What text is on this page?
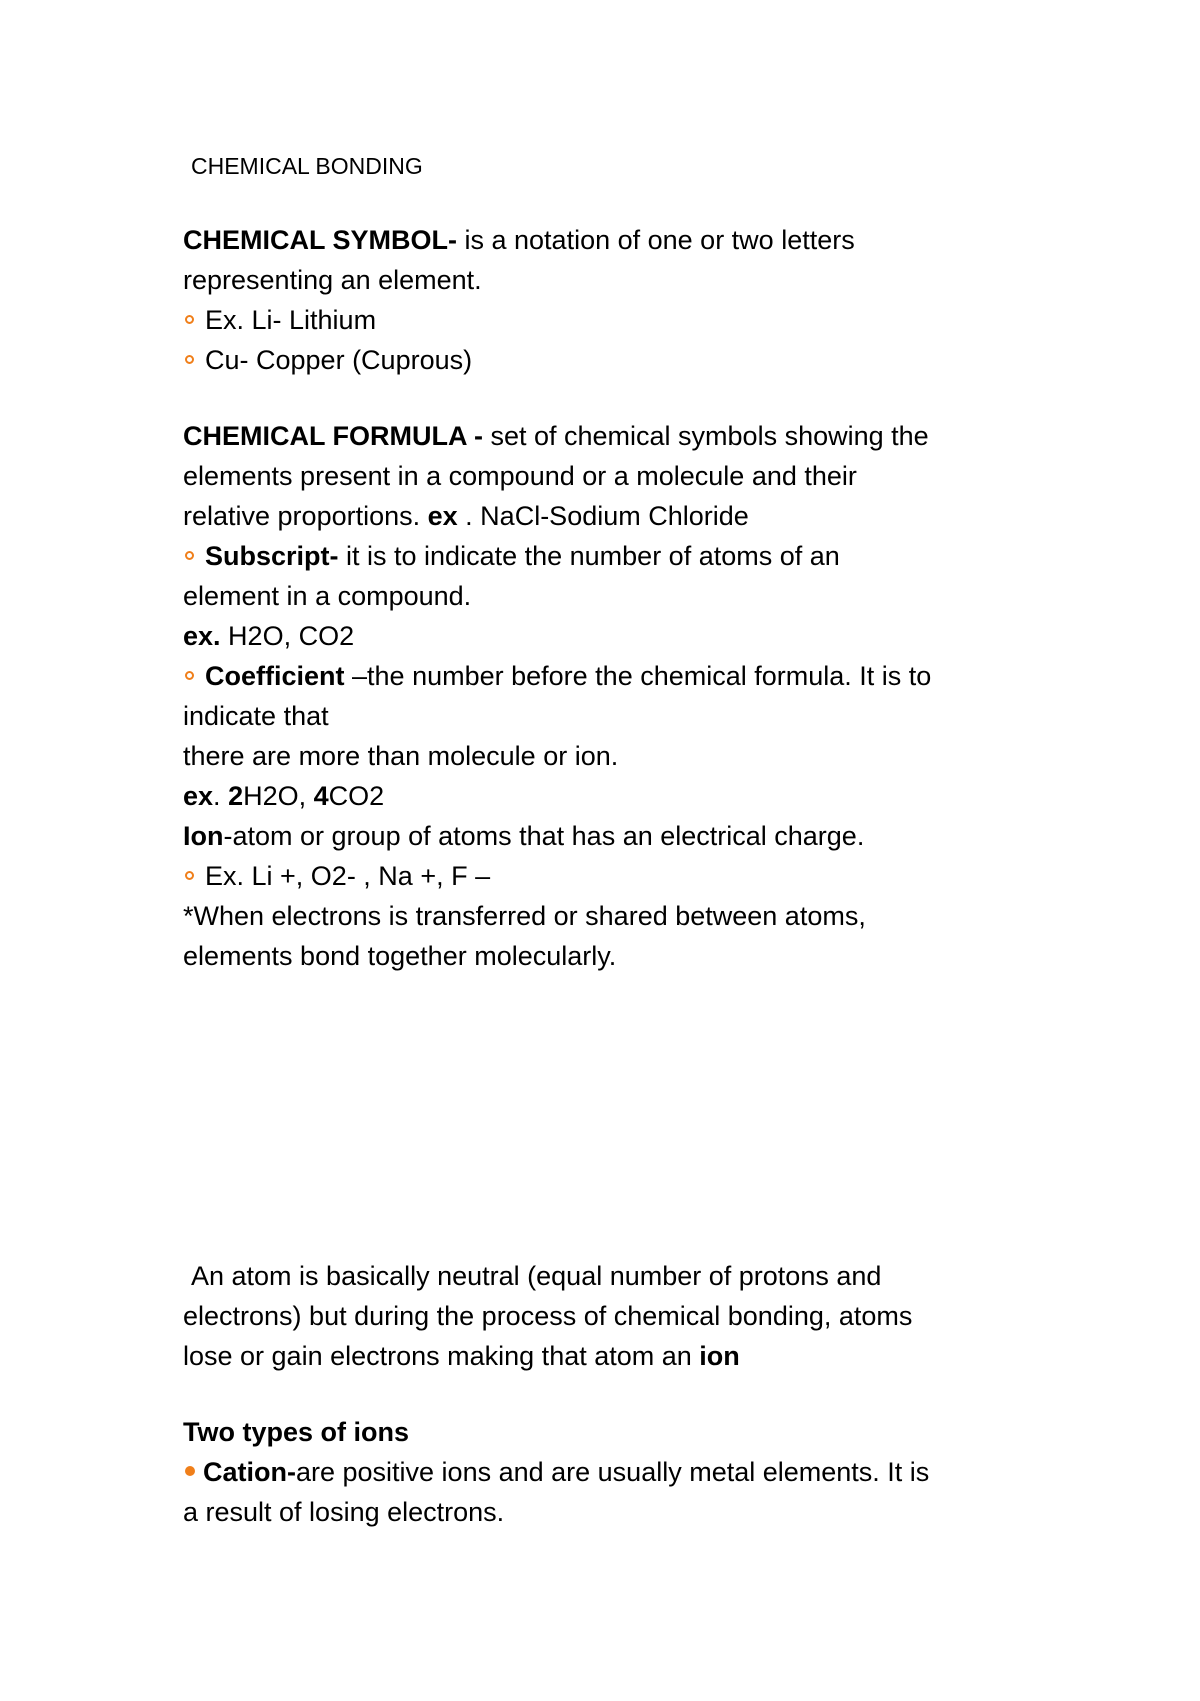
CHEMICAL BONDING
CHEMICAL SYMBOL- is a notation of one or two letters
representing an element.
Ex. Li- Lithium
Cu- Copper (Cuprous)
CHEMICAL FORMULA - set of chemical symbols showing the
elements present in a compound or a molecule and their
relative proportions. ex . NaCl-Sodium Chloride
Subscript- it is to indicate the number of atoms of an
element in a compound.
ex. H2O, CO2
Coefficient –the number before the chemical formula. It is to
indicate that
there are more than molecule or ion.
ex. 2H2O, 4CO2
Ion-atom or group of atoms that has an electrical charge.
Ex. Li +, O2- , Na +, F –
*When electrons is transferred or shared between atoms,
elements bond together molecularly.
An atom is basically neutral (equal number of protons and
electrons) but during the process of chemical bonding, atoms
lose or gain electrons making that atom an ion
Two types of ions
Cation-are positive ions and are usually metal elements. It is
a result of losing electrons.
